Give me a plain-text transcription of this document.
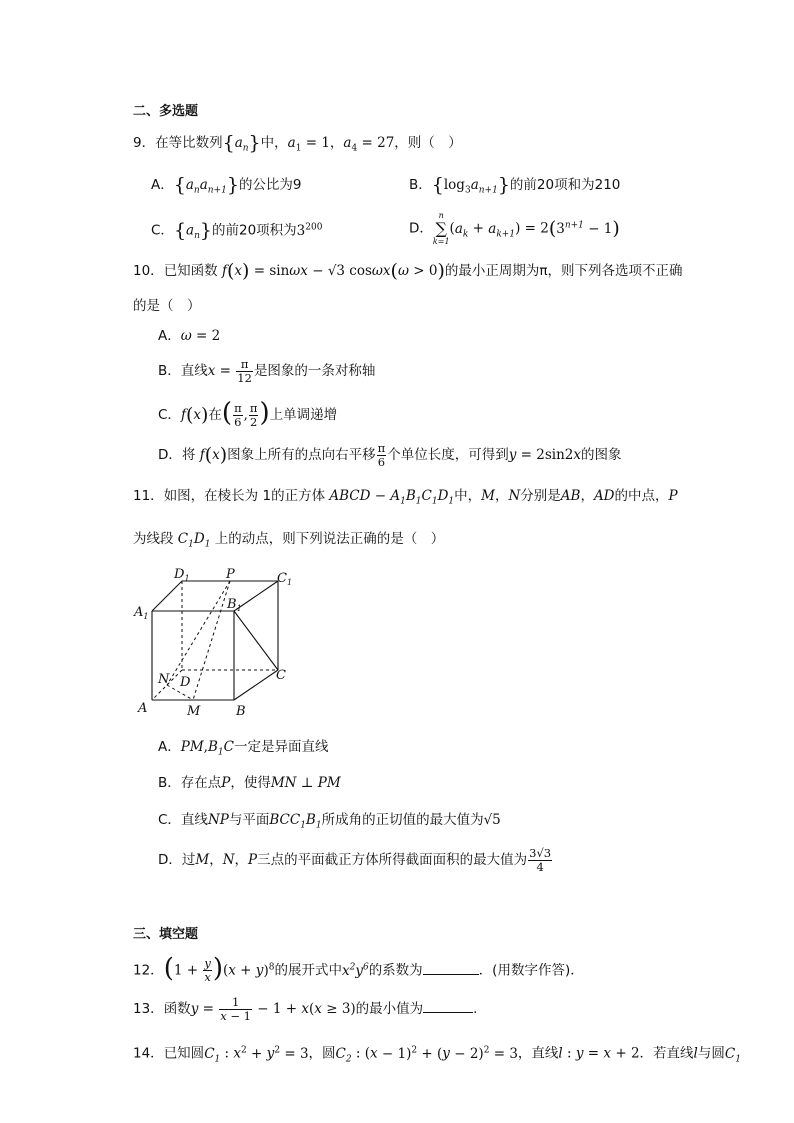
二、多选题
9．在等比数列$\{a_n\}$中，$a_1 = 1$，$a_4 = 27$，则（　）
A．$\{a_na_{n+1}\}$的公比为9	B．$\{\log_3a_{n+1}\}$的前20项和为210
C．$\{a_n\}$的前20项积为$3^{200}$	D．
n
∑
k=1
$(a_k + a_{k+1}) = 2(3^{n+1} - 1)$
10．已知函数 f(x) = sinωx − √3 cosωx(ω > 0)的最小正周期为π，则下列各选项不正确
的是（　）
A．ω = 2
B．直线$x = \frac{\pi}{12}$ 是图象的一条对称轴
C．f(x)在( $\frac{\pi}{6}$ , $\frac{\pi}{2}$ )上单调递增
D．将 f(x)图象上所有的点向右平移 $\frac{\pi}{6}$ 个单位长度，可得到y = 2sin2x的图象
11．如图，在棱长为 1的正方体 ABCD − $A_1B_1C_1D_1$中，M，N分别是AB，AD的中点，P
为线段 $C_1D_1$ 上的动点，则下列说法正确的是（　）
$D_1$	P	$C_1$
$A_1$
$B_1$
N D	C
A	M	B
A．$PM,B_1C$一定是异面直线
B．存在点P，使得MN ⊥ PM
C．直线NP与平面$BCC_1B_1$所成角的正切值的最大值为√5
D．过M，N，P三点的平面截正方体所得截面面积的最大值为 $\frac{3√3}{4}$
三、填空题
12．$(1 + \frac{y}{x} )(x + y)^8$的展开式中$x^2y^6$的系数为	．(用数字作答)．
13．函数$y = \frac{1}{x - 1} - 1 + x(x \ge 3)$的最小值为	.
14．已知圆$C_1$ : $x^2 + y^2 = 3$，圆$C_2$ : $(x - 1)^2 + (y - 2)^2 = 3$，直线l : y = x + 2．若直线l与圆$C_1$
